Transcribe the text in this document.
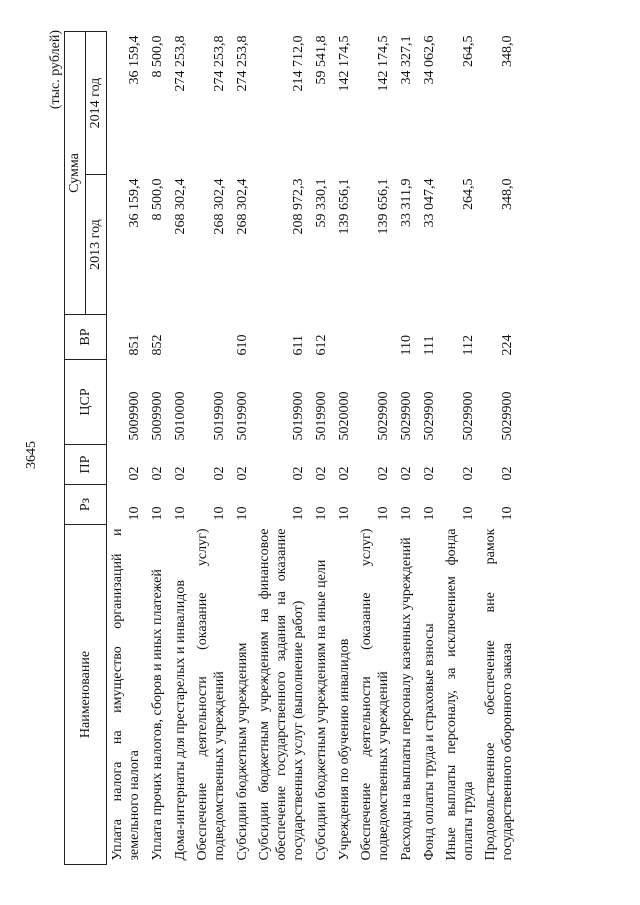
3645
(тыс. рублей)
Наименование	Рз	ПР	ЦСР	ВР	Сумма	
					2013 год	2014 год
Уплата налога на имущество организаций и земельного налога	10	02	5009900	851	36 159,4	36 159,4
Уплата прочих налогов, сборов и иных платежей	10	02	5009900	852	8 500,0	8 500,0
Дома-интернаты для престарелых и инвалидов	10	02	5010000		268 302,4	274 253,8
Обеспечение деятельности (оказание услуг) подведомственных учреждений	10	02	5019900		268 302,4	274 253,8
Субсидии бюджетным учреждениям	10	02	5019900	610	268 302,4	274 253,8
Субсидии бюджетным учреждениям на финансовое обеспечение государственного задания на оказание государственных услуг (выполнение работ)	10	02	5019900	611	208 972,3	214 712,0
Субсидии бюджетным учреждениям на иные цели	10	02	5019900	612	59 330,1	59 541,8
Учреждения по обучению инвалидов	10	02	5020000		139 656,1	142 174,5
Обеспечение деятельности (оказание услуг) подведомственных учреждений	10	02	5029900		139 656,1	142 174,5
Расходы на выплаты персоналу казенных учреждений	10	02	5029900	110	33 311,9	34 327,1
Фонд оплаты труда и страховые взносы	10	02	5029900	111	33 047,4	34 062,6
Иные выплаты персоналу, за исключением фонда оплаты труда	10	02	5029900	112	264,5	264,5
Продовольственное обеспечение вне рамок государственного оборонного заказа	10	02	5029900	224	348,0	348,0
